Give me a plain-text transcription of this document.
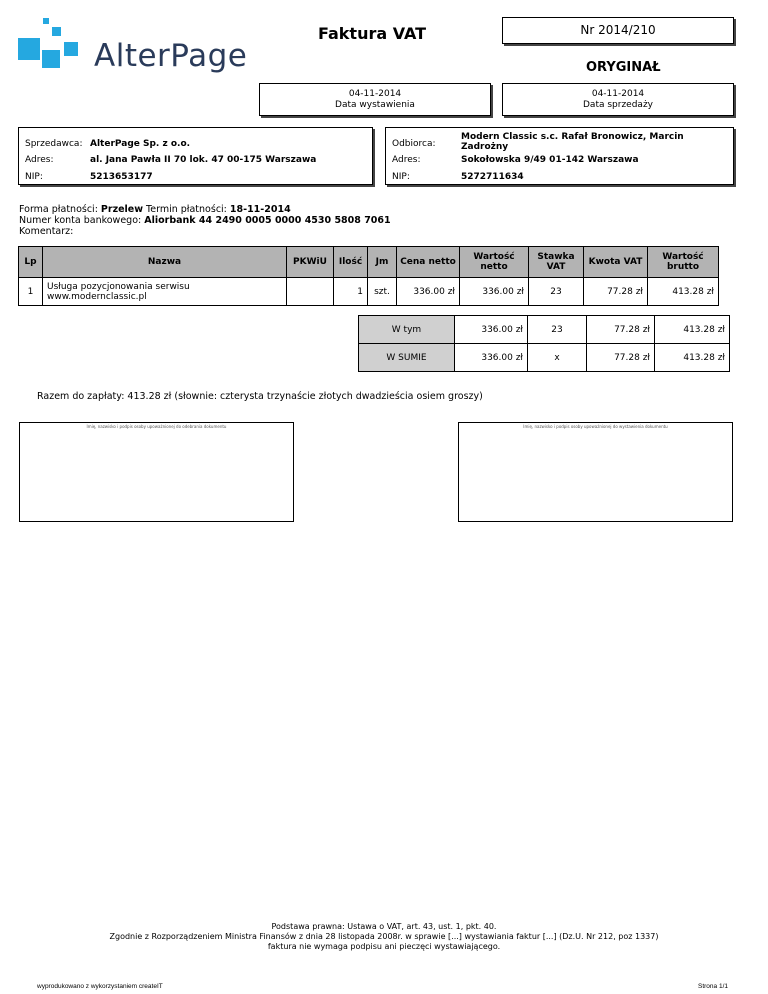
AlterPage
Faktura VAT	Nr 2014/210
ORYGINAŁ
04-11-2014
Data wystawienia
04-11-2014
Data sprzedaży
Sprzedawca: AlterPage Sp. z o.o.
Adres:	al. Jana Pawła II 70 lok. 47 00-175 Warszawa
NIP:	5213653177
Odbiorca:
Modern Classic s.c. Rafał Bronowicz, Marcin
Zadrożny
Adres:	Sokołowska 9/49 01-142 Warszawa
NIP:	5272711634
Forma płatności: Przelew Termin płatności: 18-11-2014
Numer konta bankowego: Aliorbank 44 2490 0005 0000 4530 5808 7061
Komentarz:
Lp	Nazwa	PKWiU	Ilość	Jm	Cena netto	Wartość netto	Stawka VAT	Kwota VAT	Wartość brutto
1	Usługa pozycjonowania serwisu
www.modernclassic.pl		1	szt.	336.00 zł	336.00 zł	23	77.28 zł	413.28 zł
W tym	336.00 zł	23	77.28 zł	413.28 zł
W SUMIE	336.00 zł	x	77.28 zł	413.28 zł
Razem do zapłaty: 413.28 zł (słownie: czterysta trzynaście złotych dwadzieścia osiem groszy)
Imię, nazwisko i podpis osoby upoważnionej do odebrania dokumentu	Imię, nazwisko i podpis osoby upoważnionej do wystawienia dokumentu
Podstawa prawna: Ustawa o VAT, art. 43, ust. 1, pkt. 40.
Zgodnie z Rozporządzeniem Ministra Finansów z dnia 28 listopada 2008r. w sprawie [...] wystawiania faktur [...] (Dz.U. Nr 212, poz 1337)
faktura nie wymaga podpisu ani pieczęci wystawiającego.
wyprodukowano z wykorzystaniem createIT	Strona 1/1
